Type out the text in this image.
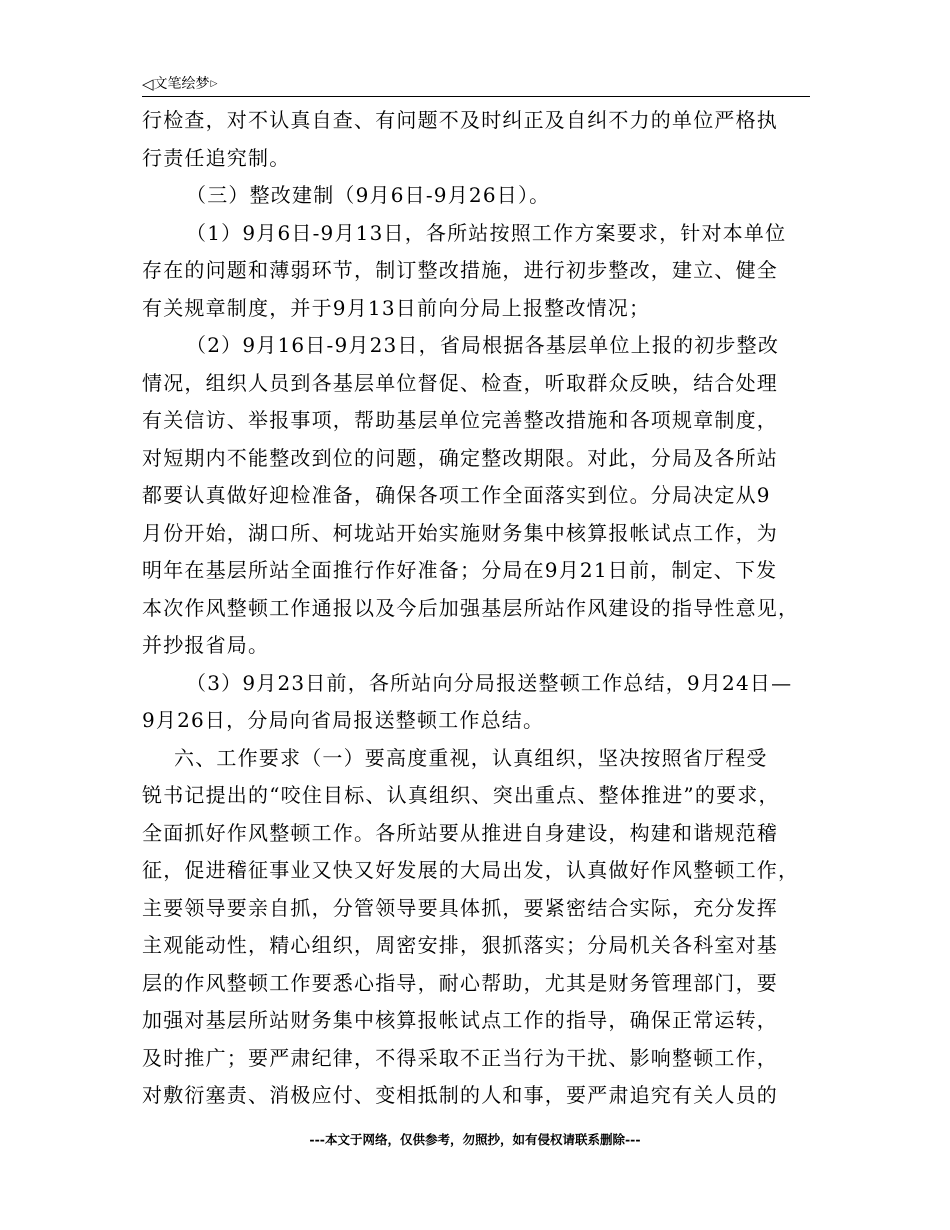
◁文笔绘梦▷
行检查，对不认真自查、有问题不及时纠正及自纠不力的单位严格执
行责任追究制。
（三）整改建制（9月6日-9月26日）。
（1）9月6日-9月13日，各所站按照工作方案要求，针对本单位
存在的问题和薄弱环节，制订整改措施，进行初步整改，建立、健全
有关规章制度，并于9月13日前向分局上报整改情况；
（2）9月16日-9月23日，省局根据各基层单位上报的初步整改
情况，组织人员到各基层单位督促、检查，听取群众反映，结合处理
有关信访、举报事项，帮助基层单位完善整改措施和各项规章制度，
对短期内不能整改到位的问题，确定整改期限。对此，分局及各所站
都要认真做好迎检准备，确保各项工作全面落实到位。分局决定从9
月份开始，湖口所、柯垅站开始实施财务集中核算报帐试点工作，为
明年在基层所站全面推行作好准备；分局在9月21日前，制定、下发
本次作风整顿工作通报以及今后加强基层所站作风建设的指导性意见，
并抄报省局。
（3）9月23日前，各所站向分局报送整顿工作总结，9月24日—
9月26日，分局向省局报送整顿工作总结。
六、工作要求（一）要高度重视，认真组织，坚决按照省厅程受
锐书记提出的“咬住目标、认真组织、突出重点、整体推进”的要求，
全面抓好作风整顿工作。各所站要从推进自身建设，构建和谐规范稽
征，促进稽征事业又快又好发展的大局出发，认真做好作风整顿工作，
主要领导要亲自抓，分管领导要具体抓，要紧密结合实际，充分发挥
主观能动性，精心组织，周密安排，狠抓落实；分局机关各科室对基
层的作风整顿工作要悉心指导，耐心帮助，尤其是财务管理部门，要
加强对基层所站财务集中核算报帐试点工作的指导，确保正常运转，
及时推广；要严肃纪律，不得采取不正当行为干扰、影响整顿工作，
对敷衍塞责、消极应付、变相抵制的人和事，要严肃追究有关人员的
---本文于网络，仅供参考，勿照抄，如有侵权请联系删除---
